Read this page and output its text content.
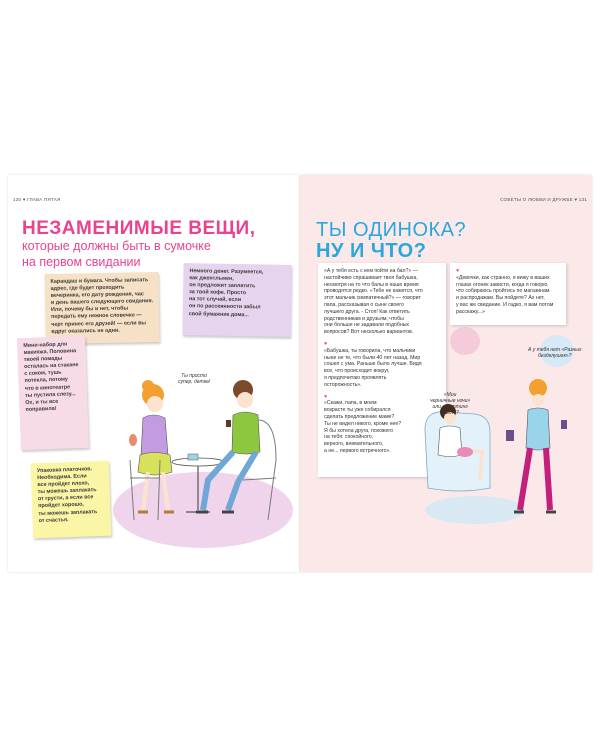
130 ♥ ГЛАВА ПЯТАЯ
НЕЗАМЕНИМЫЕ ВЕЩИ,
которые должны быть в сумочке
на первом свидании
Карандаш и бумага. Чтобы записать
адрес, где будет проходить
вечеринка, его дату рождения, час
и день вашего следующего свидания.
Или, почему бы и нет, чтобы
передать ему нежное словечко —
черт принес его друзей! — если вы
вдруг оказались не одни.
Немного денег. Разумеется,
как джентльмен,
он предложит заплатить
за твой кофе. Просто
на тот случай, если
он по рассеянности забыл
свой бумажник дома...
Мини-набор для
макияжа. Половина
твоей помады
осталась на стакане
с соком, тушь
потекла, потому
что в кинотеатре
ты пустила слезу...
Ох, и ты все
поправила!
Упаковка платочков.
Необходима. Если
все пройдет плохо,
ты можешь заплакать
от грусти, а если все
пройдет хорошо,
ты можешь заплакать
от счастья.
Ты просто
супер, детка!
СОВЕТЫ О ЛЮБВИ И ДРУЖБЕ ♥ 131
ТЫ ОДИНОКА?
НУ И ЧТО?
«А у тебя есть с кем пойти на бал?» —
настойчиво спрашивает твоя бабушка,
несмотря на то что балы в наше время
проводятся редко. «Тебе не кажется, что
этот мальчик симпатичный?» — говорит
папа, рассказывая о сыне своего
лучшего друга. - Стоп! Как ответить
родственникам и друзьям, чтобы
они больше не задавали подобных
вопросов? Вот несколько вариантов.
♥
«Бабушка, ты говорила, что мальчики
ныне не те, что были 40 лет назад. Мир
сошел с ума. Раньше было лучше. Видя
все, что происходит вокруг,
я предпочитаю проявлять
осторожность».
♥
«Скажи, папа, в моем
возрасте ты уже собирался
сделать предложение маме?
Ты не видел никого, кроме нее?
Я бы хотела друга, похожего
на тебя: спокойного,
верного, внимательного,
а не... первого встречного».
♥
«Девочки, как странно, я вижу в ваших
глазах огонек зависти, когда я говорю,
что собираюсь пройтись по магазинам
и распродажам. Вы пойдете? Ах нет,
у вас же свидание. И гадко, я вам потом
расскажу...»
«Мои
черничные ночи»
или «Ноттинг
Хилл»?
А у тебя нет «Разных
безделушек»?
